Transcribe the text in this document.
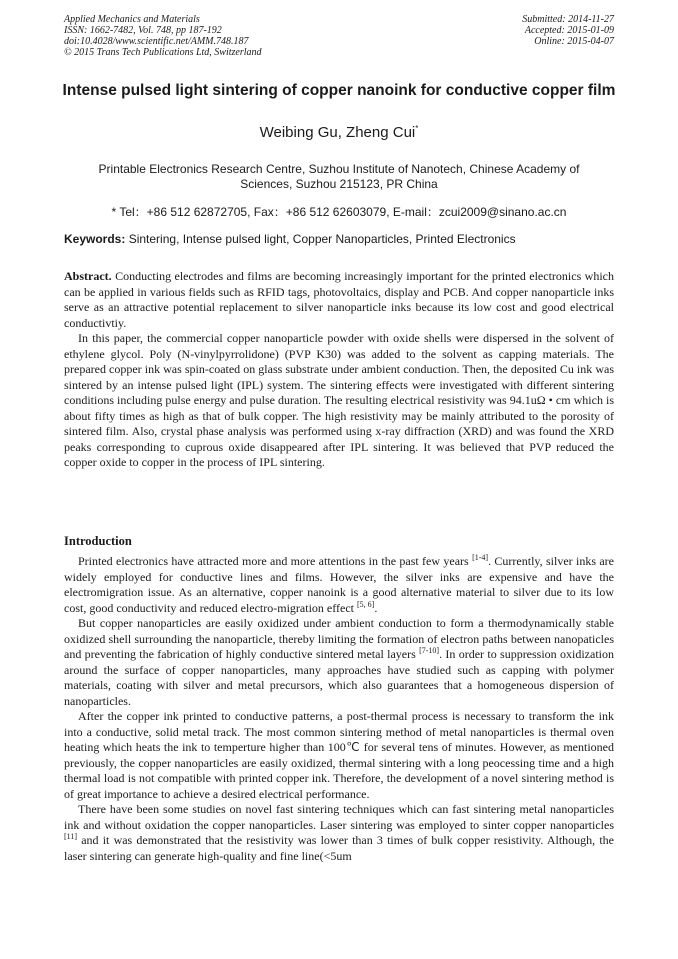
Applied Mechanics and Materials
ISSN: 1662-7482, Vol. 748, pp 187-192
doi:10.4028/www.scientific.net/AMM.748.187
© 2015 Trans Tech Publications Ltd, Switzerland
Submitted: 2014-11-27
Accepted: 2015-01-09
Online: 2015-04-07
Intense pulsed light sintering of copper nanoink for conductive copper film
Weibing Gu, Zheng Cui*
Printable Electronics Research Centre, Suzhou Institute of Nanotech, Chinese Academy of Sciences, Suzhou 215123, PR China
* Tel：+86 512 62872705, Fax：+86 512 62603079, E-mail：zcui2009@sinano.ac.cn
Keywords: Sintering, Intense pulsed light, Copper Nanoparticles, Printed Electronics

Abstract. Conducting electrodes and films are becoming increasingly important for the printed electronics which can be applied in various fields such as RFID tags, photovoltaics, display and PCB. And copper nanoparticle inks serve as an attractive potential replacement to silver nanoparticle inks because its low cost and good electrical conductivtiy.

In this paper, the commercial copper nanoparticle powder with oxide shells were dispersed in the solvent of ethylene glycol. Poly (N-vinylpyrrolidone) (PVP K30) was added to the solvent as capping materials. The prepared copper ink was spin-coated on glass substrate under ambient conduction. Then, the deposited Cu ink was sintered by an intense pulsed light (IPL) system. The sintering effects were investigated with different sintering conditions including pulse energy and pulse duration. The resulting electrical resistivity was 94.1uΩ • cm which is about fifty times as high as that of bulk copper. The high resistivity may be mainly attributed to the porosity of sintered film. Also, crystal phase analysis was performed using x-ray diffraction (XRD) and was found the XRD peaks corresponding to cuprous oxide disappeared after IPL sintering. It was believed that PVP reduced the copper oxide to copper in the process of IPL sintering.

Introduction

Printed electronics have attracted more and more attentions in the past few years [1-4]. Currently, silver inks are widely employed for conductive lines and films. However, the silver inks are expensive and have the electromigration issue. As an alternative, copper nanoink is a good alternative material to silver due to its low cost, good conductivity and reduced electro-migration effect [5, 6].

But copper nanoparticles are easily oxidized under ambient conduction to form a thermodynamically stable oxidized shell surrounding the nanoparticle, thereby limiting the formation of electron paths between nanopaticles and preventing the fabrication of highly conductive sintered metal layers [7-10]. In order to suppression oxidization around the surface of copper nanoparticles, many approaches have studied such as capping with polymer materials, coating with silver and metal precursors, which also guarantees that a homogeneous dispersion of nanoparticles.

After the copper ink printed to conductive patterns, a post-thermal process is necessary to transform the ink into a conductive, solid metal track. The most common sintering method of metal nanoparticles is thermal oven heating which heats the ink to temperture higher than 100℃ for several tens of minutes. However, as mentioned previously, the copper nanoparticles are easily oxidized, thermal sintering with a long peocessing time and a high thermal load is not compatible with printed copper ink. Therefore, the development of a novel sintering method is of great importance to achieve a desired electrical performance.

There have been some studies on novel fast sintering techniques which can fast sintering metal nanoparticles ink and without oxidation the copper nanoparticles. Laser sintering was employed to sinter copper nanoparticles [11] and it was demonstrated that the resistivity was lower than 3 times of bulk copper resistivity. Although, the laser sintering can generate high-quality and fine line(<5um
